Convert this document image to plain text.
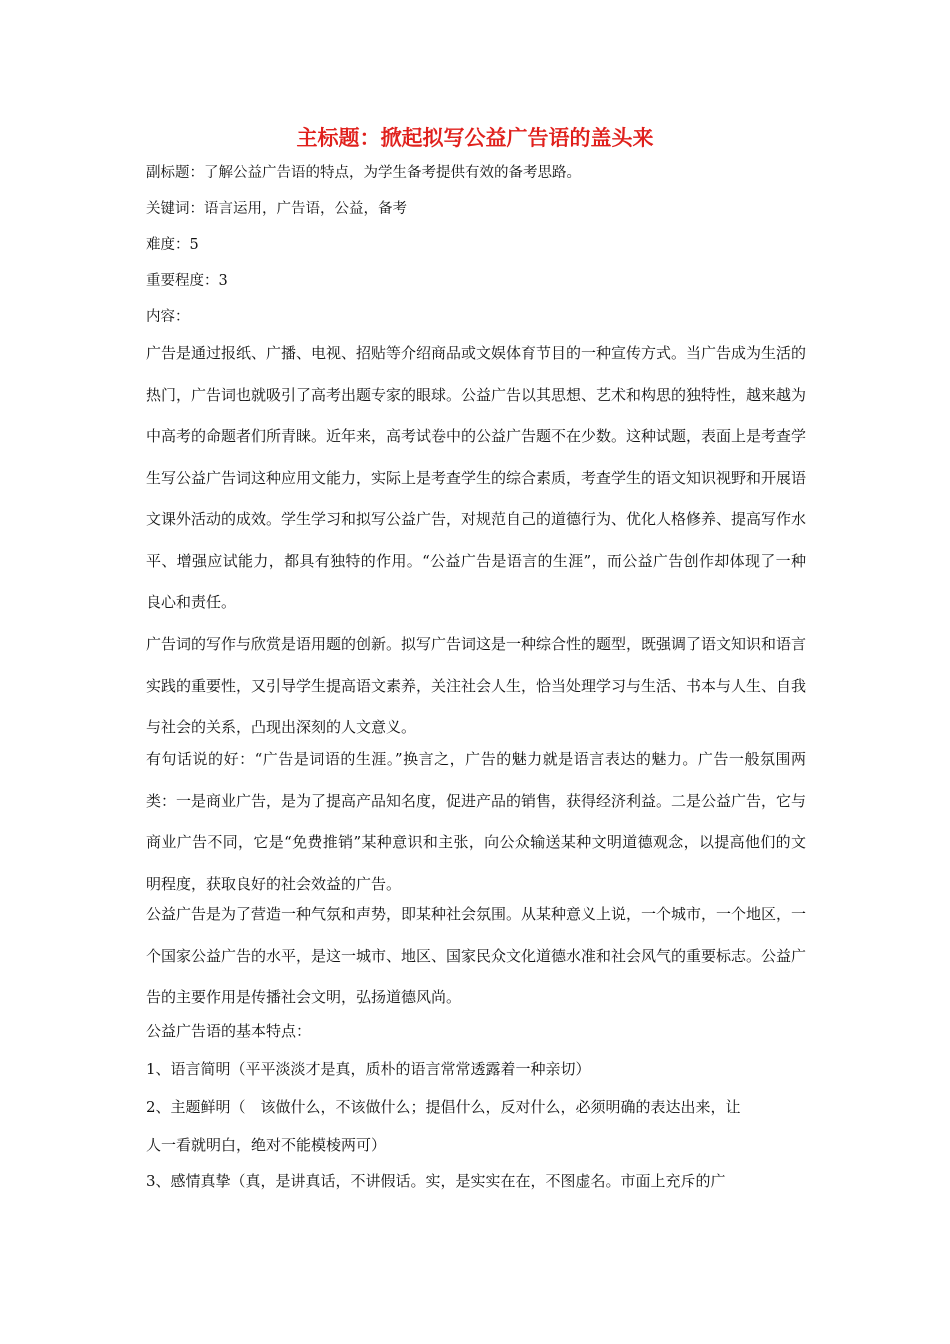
主标题：掀起拟写公益广告语的盖头来
副标题：了解公益广告语的特点，为学生备考提供有效的备考思路。
关键词：语言运用，广告语，公益，备考
难度：5
重要程度：3
内容：
广告是通过报纸、广播、电视、招贴等介绍商品或文娱体育节目的一种宣传方式。当广告成为生活的热门，广告词也就吸引了高考出题专家的眼球。公益广告以其思想、艺术和构思的独特性，越来越为中高考的命题者们所青睐。近年来，高考试卷中的公益广告题不在少数。这种试题，表面上是考查学生写公益广告词这种应用文能力，实际上是考查学生的综合素质，考查学生的语文知识视野和开展语文课外活动的成效。学生学习和拟写公益广告，对规范自己的道德行为、优化人格修养、提高写作水平、增强应试能力，都具有独特的作用。“公益广告是语言的生涯”，而公益广告创作却体现了一种良心和责任。
广告词的写作与欣赏是语用题的创新。拟写广告词这是一种综合性的题型，既强调了语文知识和语言实践的重要性，又引导学生提高语文素养，关注社会人生，恰当处理学习与生活、书本与人生、自我与社会的关系，凸现出深刻的人文意义。
有句话说的好：“广告是词语的生涯。”换言之，广告的魅力就是语言表达的魅力。广告一般氛围两类：一是商业广告，是为了提高产品知名度，促进产品的销售，获得经济利益。二是公益广告，它与商业广告不同，它是“免费推销”某种意识和主张，向公众输送某种文明道德观念，以提高他们的文明程度，获取良好的社会效益的广告。
公益广告是为了营造一种气氛和声势，即某种社会氛围。从某种意义上说，一个城市，一个地区，一个国家公益广告的水平，是这一城市、地区、国家民众文化道德水准和社会风气的重要标志。公益广告的主要作用是传播社会文明，弘扬道德风尚。
公益广告语的基本特点：
1、语言简明（平平淡淡才是真，质朴的语言常常透露着一种亲切）
2、主题鲜明（　该做什么，不该做什么；提倡什么，反对什么，必须明确的表达出来，让
人一看就明白，绝对不能模棱两可）
3、感情真挚（真，是讲真话，不讲假话。实，是实实在在，不图虚名。市面上充斥的广
